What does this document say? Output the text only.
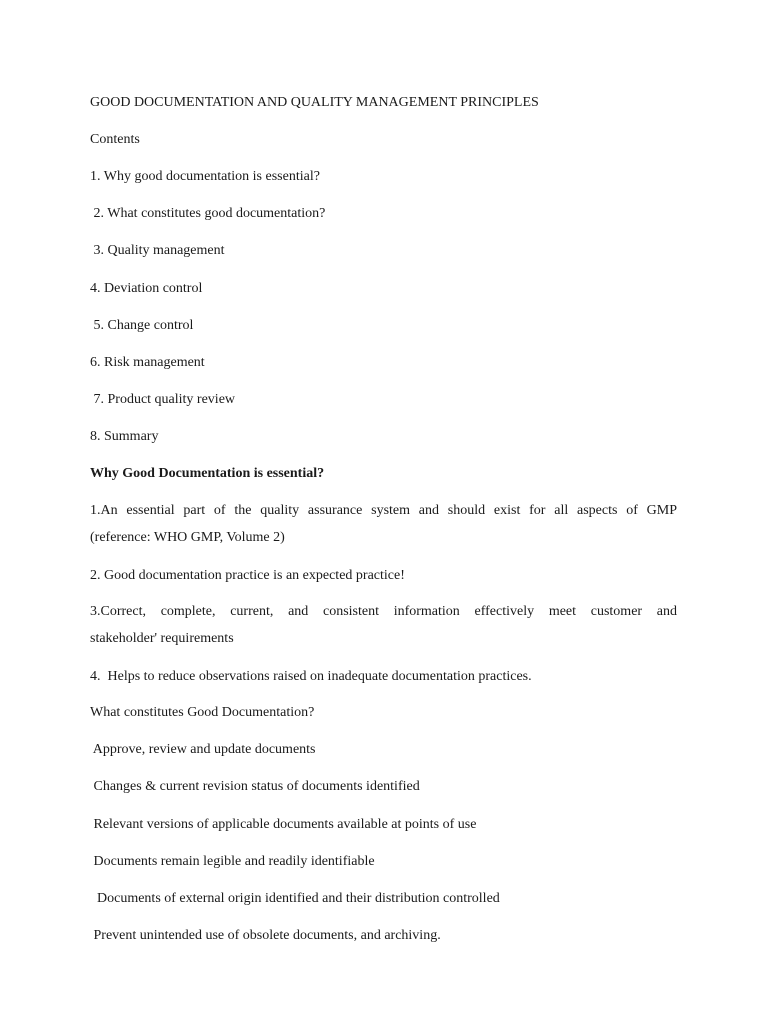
GOOD DOCUMENTATION AND QUALITY MANAGEMENT PRINCIPLES
Contents
1. Why good documentation is essential?
2. What constitutes good documentation?
3. Quality management
4. Deviation control
5. Change control
6. Risk management
7. Product quality review
8. Summary
Why Good Documentation is essential?
1.An essential part of the quality assurance system and should exist for all aspects of GMP
(reference: WHO GMP, Volume 2)
2. Good documentation practice is an expected practice!
3.Correct, complete, current, and consistent information effectively meet customer and
stakeholder' requirements
4.  Helps to reduce observations raised on inadequate documentation practices.
What constitutes Good Documentation?
Approve, review and update documents
Changes & current revision status of documents identified
Relevant versions of applicable documents available at points of use
Documents remain legible and readily identifiable
Documents of external origin identified and their distribution controlled
Prevent unintended use of obsolete documents, and archiving.
